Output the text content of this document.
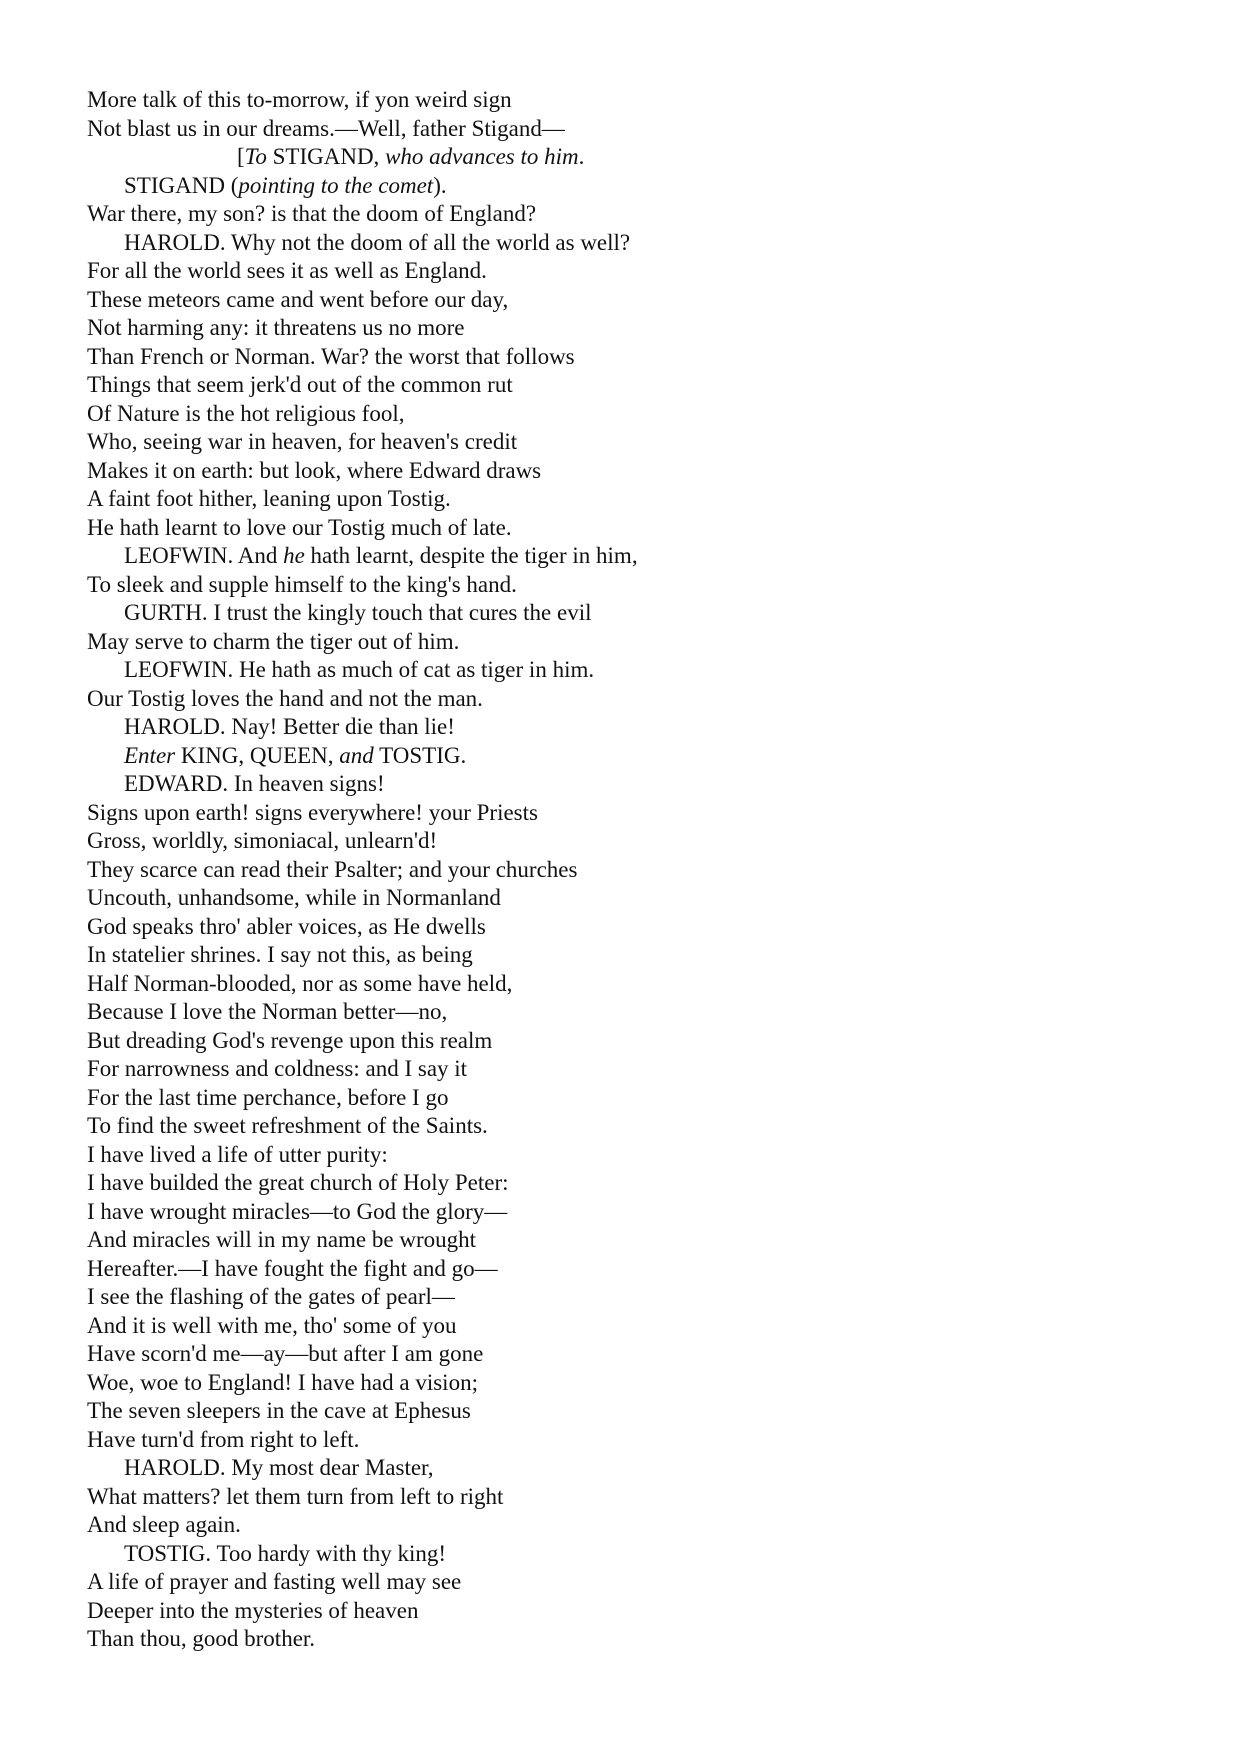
More talk of this to-morrow, if yon weird sign
Not blast us in our dreams.—Well, father Stigand—
[To STIGAND, who advances to him.
STIGAND (pointing to the comet).
War there, my son? is that the doom of England?
HAROLD. Why not the doom of all the world as well?
For all the world sees it as well as England.
These meteors came and went before our day,
Not harming any: it threatens us no more
Than French or Norman. War? the worst that follows
Things that seem jerk'd out of the common rut
Of Nature is the hot religious fool,
Who, seeing war in heaven, for heaven's credit
Makes it on earth: but look, where Edward draws
A faint foot hither, leaning upon Tostig.
He hath learnt to love our Tostig much of late.
LEOFWIN. And he hath learnt, despite the tiger in him,
To sleek and supple himself to the king's hand.
GURTH. I trust the kingly touch that cures the evil
May serve to charm the tiger out of him.
LEOFWIN. He hath as much of cat as tiger in him.
Our Tostig loves the hand and not the man.
HAROLD. Nay! Better die than lie!
Enter KING, QUEEN, and TOSTIG.
EDWARD. In heaven signs!
Signs upon earth! signs everywhere! your Priests
Gross, worldly, simoniacal, unlearn'd!
They scarce can read their Psalter; and your churches
Uncouth, unhandsome, while in Normanland
God speaks thro' abler voices, as He dwells
In statelier shrines. I say not this, as being
Half Norman-blooded, nor as some have held,
Because I love the Norman better—no,
But dreading God's revenge upon this realm
For narrowness and coldness: and I say it
For the last time perchance, before I go
To find the sweet refreshment of the Saints.
I have lived a life of utter purity:
I have builded the great church of Holy Peter:
I have wrought miracles—to God the glory—
And miracles will in my name be wrought
Hereafter.—I have fought the fight and go—
I see the flashing of the gates of pearl—
And it is well with me, tho' some of you
Have scorn'd me—ay—but after I am gone
Woe, woe to England! I have had a vision;
The seven sleepers in the cave at Ephesus
Have turn'd from right to left.
HAROLD. My most dear Master,
What matters? let them turn from left to right
And sleep again.
TOSTIG. Too hardy with thy king!
A life of prayer and fasting well may see
Deeper into the mysteries of heaven
Than thou, good brother.
